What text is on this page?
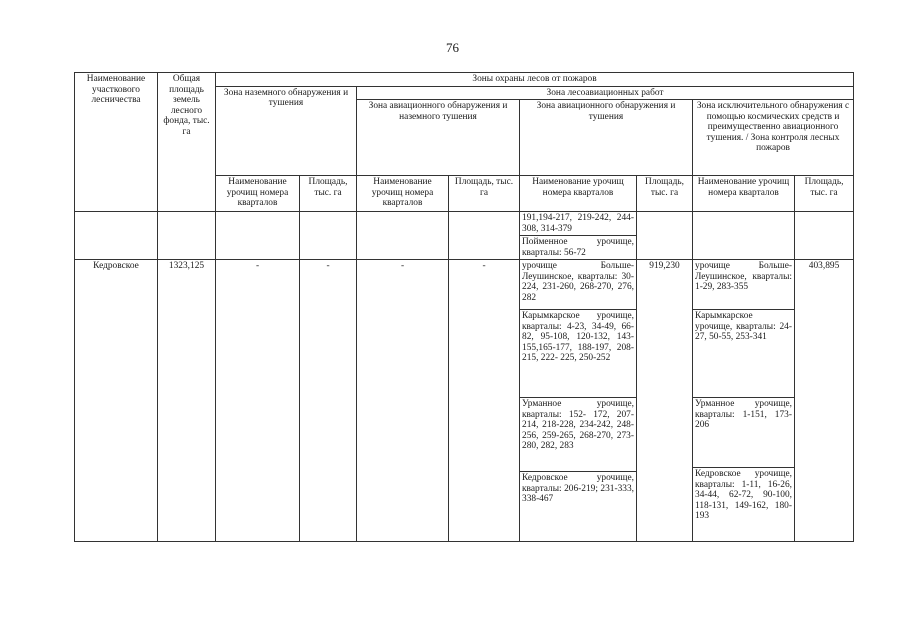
76
Наименование участкового лесничества	Общая площадь земель лесного фонда, тыс. га	Зоны охраны лесов от пожаров							
		Зона наземного обнаружения и тушения		Зона лесоавиационных работ					
				Зона авиационного обнаружения и наземного тушения		Зона авиационного обнаружения и тушения		Зона исключительного обнаружения с помощью космических средств и преимущественно авиационного тушения. / Зона контроля лесных пожаров	
		Наименование урочищ номера кварталов	Площадь, тыс. га	Наименование урочищ номера кварталов	Площадь, тыс. га	Наименование урочищ номера кварталов	Площадь, тыс. га	Наименование урочищ номера кварталов	Площадь, тыс. га
						191,194-217, 219-242, 244-308, 314-379			
						Пойменное урочище, кварталы: 56-72			
Кедровское	1323,125	-	-	-	-	урочище Больше-Леушинское, кварталы: 30-224, 231-260, 268-270, 276, 282	919,230	урочище Больше-Леушинское, кварталы: 1-29, 283-355	403,895
						Карымкарское урочище, кварталы: 4-23, 34-49, 66-82, 95-108, 120-132, 143-155,165-177, 188-197, 208-215, 222- 225, 250-252		Карымкарское урочище, кварталы: 24-27, 50-55, 253-341	

						Урманное урочище, кварталы: 152- 172, 207- 214, 218-228, 234-242, 248- 256, 259-265, 268-270, 273-280, 282, 283		Урманное урочище, кварталы: 1-151, 173-206	
								Кедровское урочище, кварталы: 1-11, 16-26, 34-44, 62-72, 90-100, 118-131, 149-162, 180-193	
						Кедровское урочище, кварталы: 206-219; 231-333, 338-467			
